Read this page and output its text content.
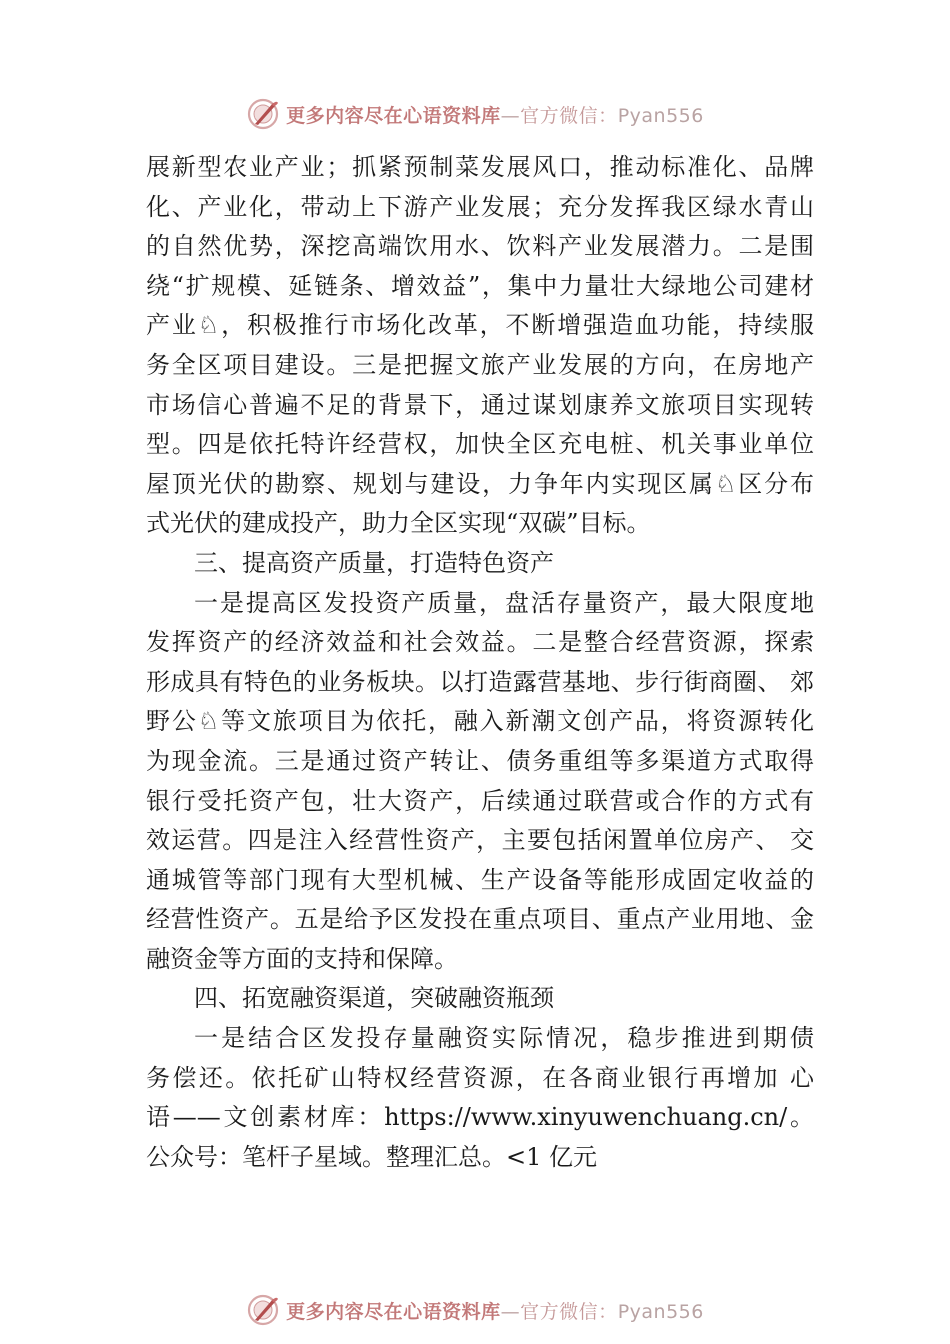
更多内容尽在心语资料库—官方微信：Pyan556
展新型农业产业；抓紧预制菜发展风口，推动标准化、品牌
化、产业化，带动上下游产业发展；充分发挥我区绿水青山
的自然优势，深挖高端饮用水、饮料产业发展潜力。二是围
绕“扩规模、延链条、增效益”，集中力量壮大绿地公司建材
产业♘，积极推行市场化改革，不断增强造血功能，持续服
务全区项目建设。三是把握文旅产业发展的方向，在房地产
市场信心普遍不足的背景下，通过谋划康养文旅项目实现转
型。四是依托特许经营权，加快全区充电桩、机关事业单位
屋顶光伏的勘察、规划与建设，力争年内实现区属♘区分布
式光伏的建成投产，助力全区实现“双碳”目标。
三、提高资产质量，打造特色资产
一是提高区发投资产质量，盘活存量资产，最大限度地
发挥资产的经济效益和社会效益。二是整合经营资源，探索
形成具有特色的业务板块。以打造露营基地、步行街商圈、 郊
野公♘等文旅项目为依托，融入新潮文创产品，将资源转化
为现金流。三是通过资产转让、债务重组等多渠道方式取得
银行受托资产包，壮大资产，后续通过联营或合作的方式有
效运营。四是注入经营性资产，主要包括闲置单位房产、 交
通城管等部门现有大型机械、生产设备等能形成固定收益的
经营性资产。五是给予区发投在重点项目、重点产业用地、金
融资金等方面的支持和保障。
四、拓宽融资渠道，突破融资瓶颈
一是结合区发投存量融资实际情况，稳步推进到期债
务偿还。依托矿山特权经营资源，在各商业银行再增加 心
语——文创素材库：https://www.xinyuwenchuang.cn/。
公众号：笔杆子星域。整理汇总。<1 亿元
更多内容尽在心语资料库—官方微信：Pyan556
